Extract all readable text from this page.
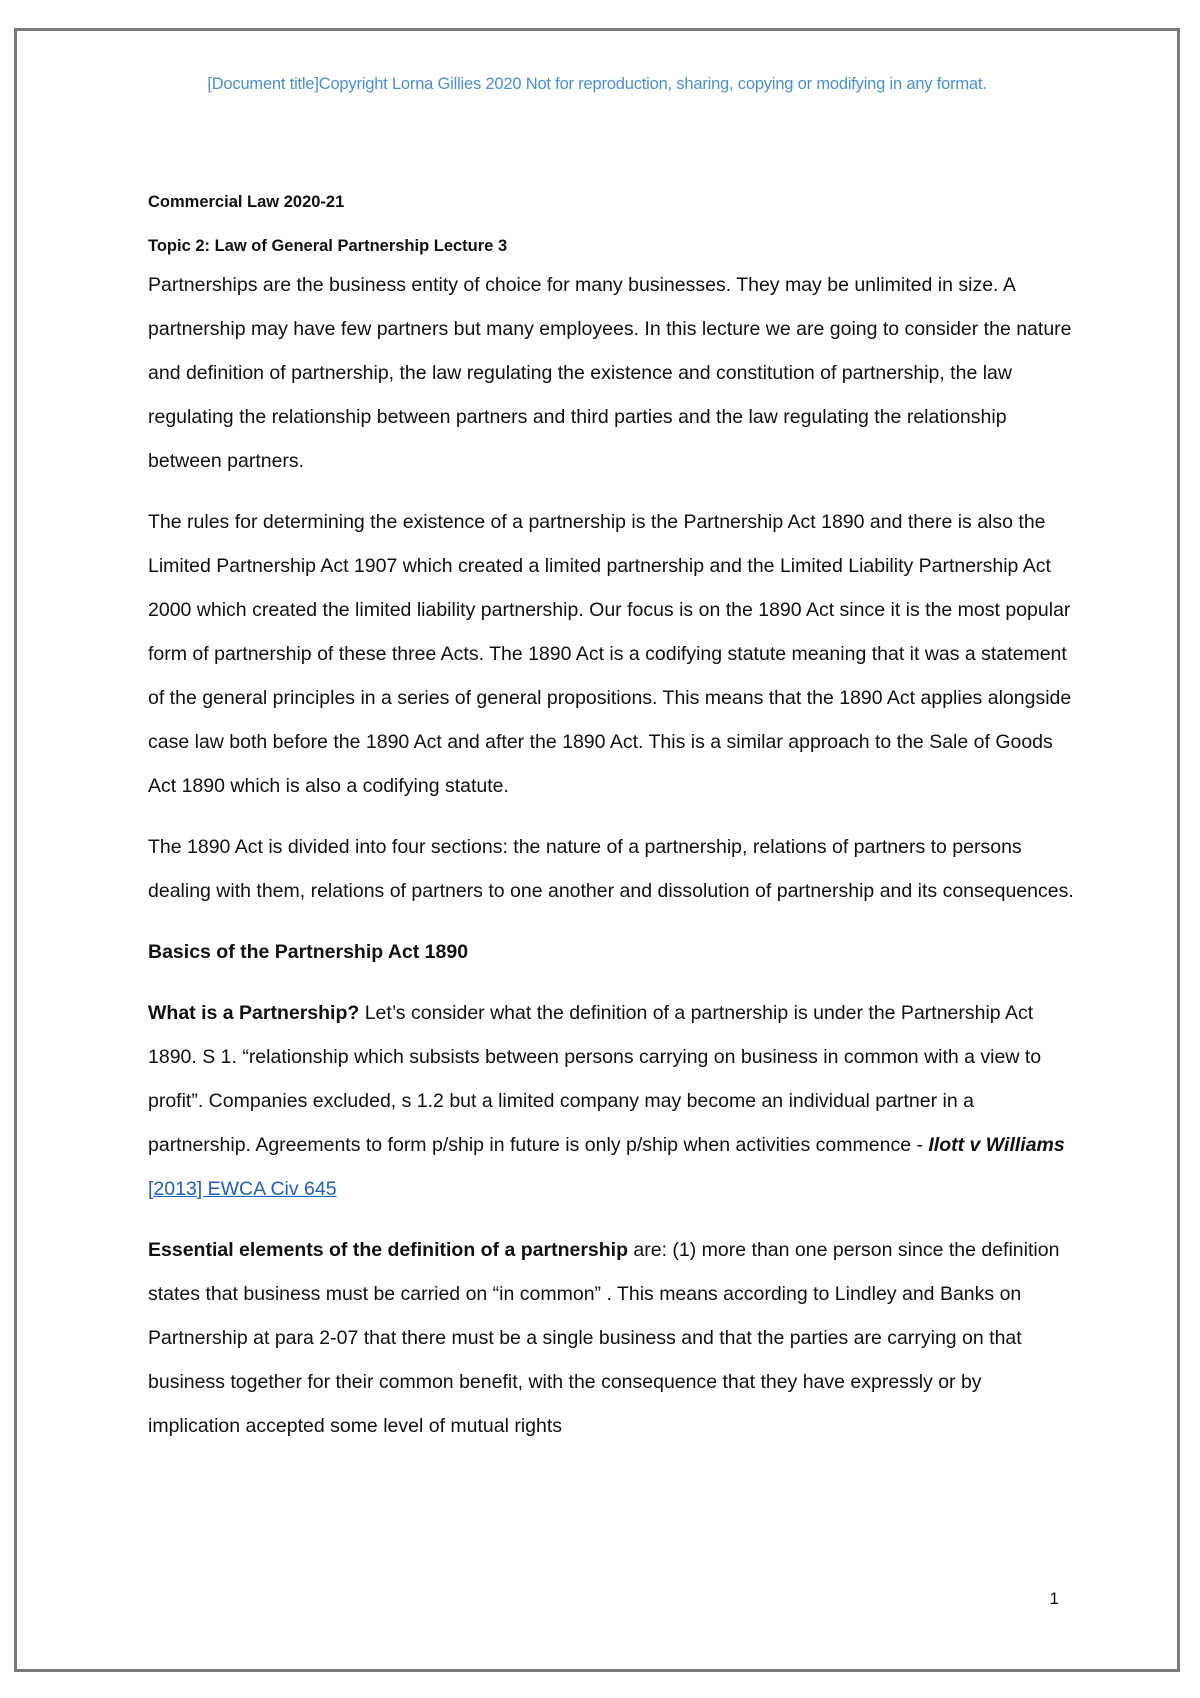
[Document title]Copyright Lorna Gillies 2020 Not for reproduction, sharing, copying or modifying in any format.

Commercial Law 2020-21

Topic 2: Law of General Partnership Lecture 3

Partnerships are the business entity of choice for many businesses. They may be unlimited in size. A partnership may have few partners but many employees. In this lecture we are going to consider the nature and definition of partnership, the law regulating the existence and constitution of partnership, the law regulating the relationship between partners and third parties and the law regulating the relationship between partners.

The rules for determining the existence of a partnership is the Partnership Act 1890 and there is also the Limited Partnership Act 1907 which created a limited partnership and the Limited Liability Partnership Act 2000 which created the limited liability partnership. Our focus is on the 1890 Act since it is the most popular form of partnership of these three Acts. The 1890 Act is a codifying statute meaning that it was a statement of the general principles in a series of general propositions. This means that the 1890 Act applies alongside case law both before the 1890 Act and after the 1890 Act. This is a similar approach to the Sale of Goods Act 1890 which is also a codifying statute.

The 1890 Act is divided into four sections: the nature of a partnership, relations of partners to persons dealing with them, relations of partners to one another and dissolution of partnership and its consequences.

Basics of the Partnership Act 1890

What is a Partnership? Let’s consider what the definition of a partnership is under the Partnership Act 1890. S 1. “relationship which subsists between persons carrying on business in common with a view to profit”. Companies excluded, s 1.2 but a limited company may become an individual partner in a partnership. Agreements to form p/ship in future is only p/ship when activities commence - Ilott v Williams [2013] EWCA Civ 645

Essential elements of the definition of a partnership are: (1) more than one person since the definition states that business must be carried on “in common” . This means according to Lindley and Banks on Partnership at para 2-07 that there must be a single business and that the parties are carrying on that business together for their common benefit, with the consequence that they have expressly or by implication accepted some level of mutual rights

1
